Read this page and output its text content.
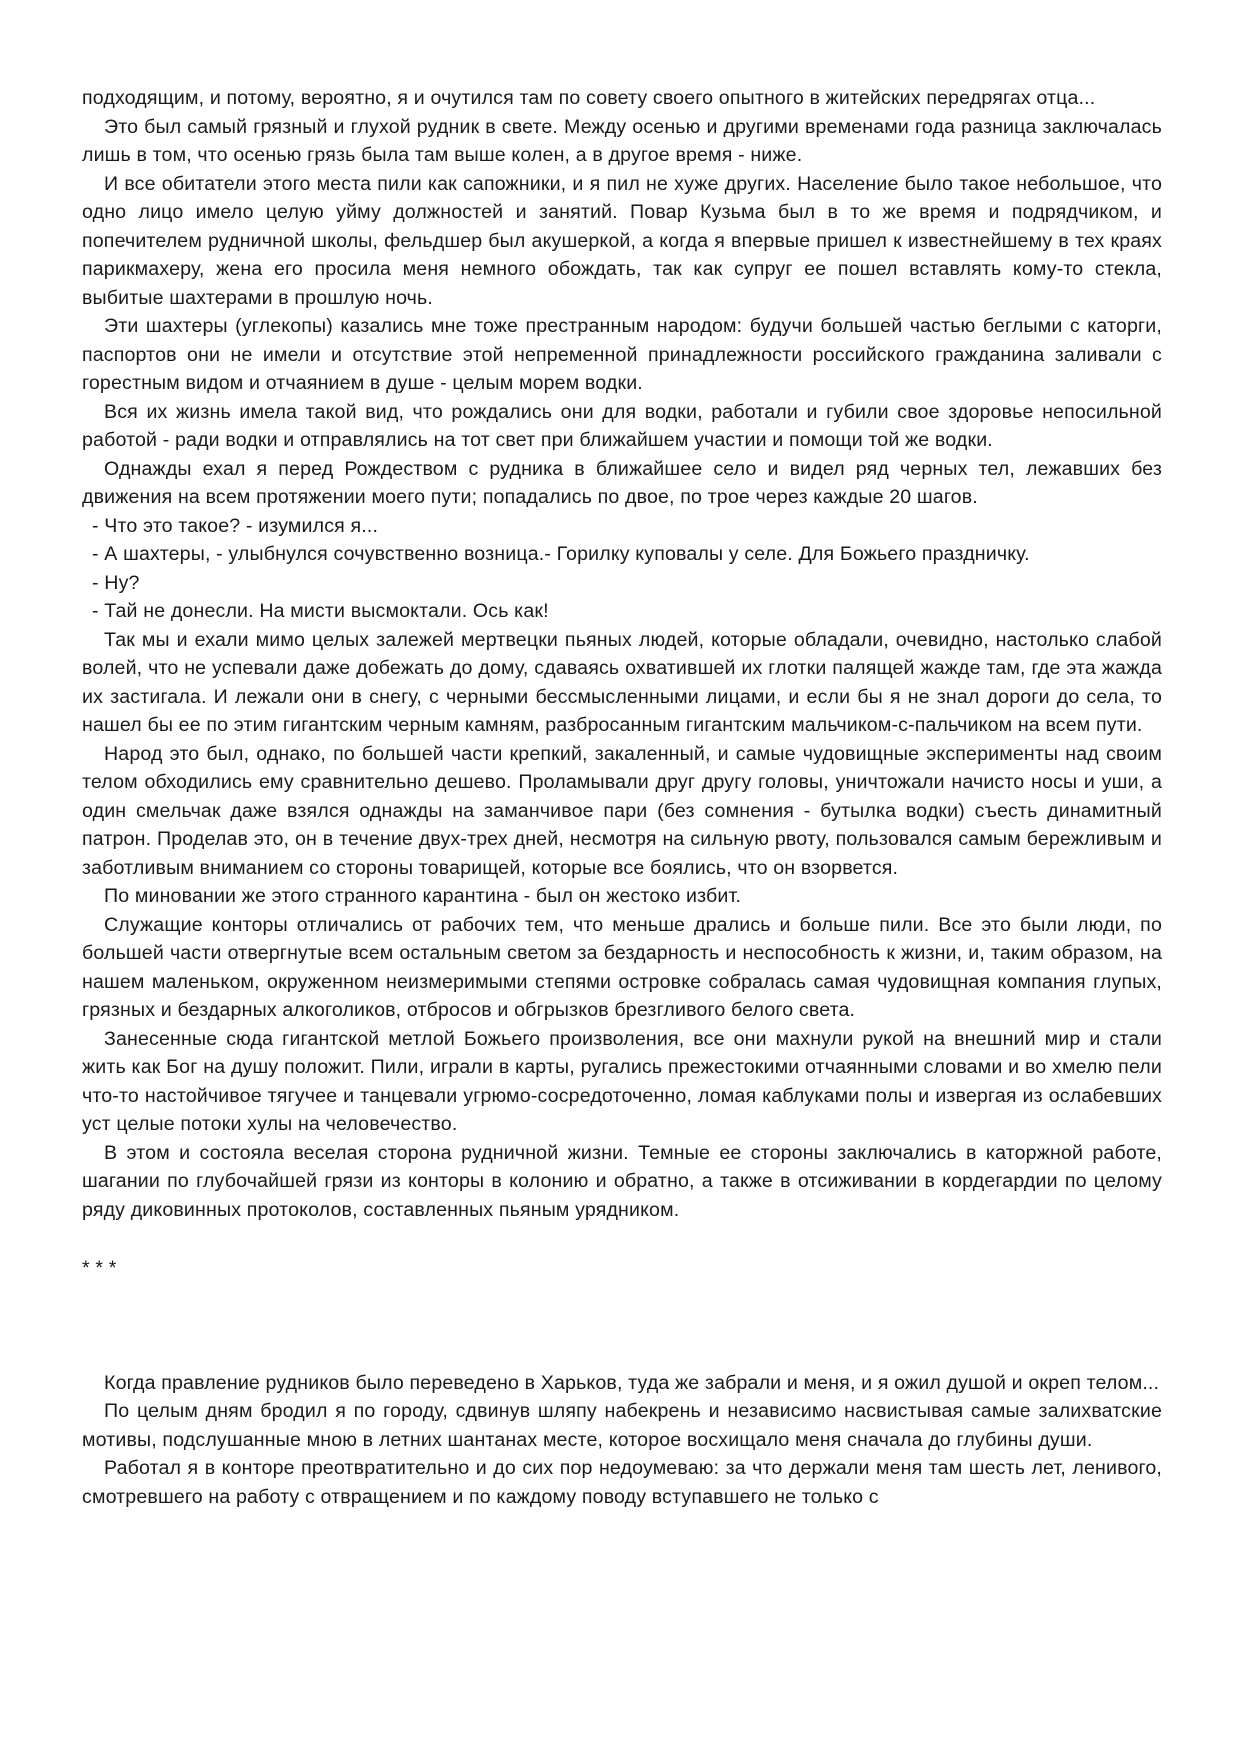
подходящим, и потому, вероятно, я и очутился там по совету своего опытного в житейских передрягах отца...

Это был самый грязный и глухой рудник в свете. Между осенью и другими временами года разница заключалась лишь в том, что осенью грязь была там выше колен, а в другое время - ниже.

И все обитатели этого места пили как сапожники, и я пил не хуже других. Население было такое небольшое, что одно лицо имело целую уйму должностей и занятий. Повар Кузьма был в то же время и подрядчиком, и попечителем рудничной школы, фельдшер был акушеркой, а когда я впервые пришел к известнейшему в тех краях парикмахеру, жена его просила меня немного обождать, так как супруг ее пошел вставлять кому-то стекла, выбитые шахтерами в прошлую ночь.

Эти шахтеры (углекопы) казались мне тоже престранным народом: будучи большей частью беглыми с каторги, паспортов они не имели и отсутствие этой непременной принадлежности российского гражданина заливали с горестным видом и отчаянием в душе - целым морем водки.

Вся их жизнь имела такой вид, что рождались они для водки, работали и губили свое здоровье непосильной работой - ради водки и отправлялись на тот свет при ближайшем участии и помощи той же водки.

Однажды ехал я перед Рождеством с рудника в ближайшее село и видел ряд черных тел, лежавших без движения на всем протяжении моего пути; попадались по двое, по трое через каждые 20 шагов.

- Что это такое? - изумился я...

- А шахтеры, - улыбнулся сочувственно возница.- Горилку куповалы у селе. Для Божьего праздничку.

- Ну?

- Тай не донесли. На мисти высмоктали. Ось как!

Так мы и ехали мимо целых залежей мертвецки пьяных людей, которые обладали, очевидно, настолько слабой волей, что не успевали даже добежать до дому, сдаваясь охватившей их глотки палящей жажде там, где эта жажда их застигала. И лежали они в снегу, с черными бессмысленными лицами, и если бы я не знал дороги до села, то нашел бы ее по этим гигантским черным камням, разбросанным гигантским мальчиком-с-пальчиком на всем пути.

Народ это был, однако, по большей части крепкий, закаленный, и самые чудовищные эксперименты над своим телом обходились ему сравнительно дешево. Проламывали друг другу головы, уничтожали начисто носы и уши, а один смельчак даже взялся однажды на заманчивое пари (без сомнения - бутылка водки) съесть динамитный патрон. Проделав это, он в течение двух-трех дней, несмотря на сильную рвоту, пользовался самым бережливым и заботливым вниманием со стороны товарищей, которые все боялись, что он взорвется.

По миновании же этого странного карантина - был он жестоко избит.

Служащие конторы отличались от рабочих тем, что меньше дрались и больше пили. Все это были люди, по большей части отвергнутые всем остальным светом за бездарность и неспособность к жизни, и, таким образом, на нашем маленьком, окруженном неизмеримыми степями островке собралась самая чудовищная компания глупых, грязных и бездарных алкоголиков, отбросов и обгрызков брезгливого белого света.

Занесенные сюда гигантской метлой Божьего произволения, все они махнули рукой на внешний мир и стали жить как Бог на душу положит. Пили, играли в карты, ругались прежестокими отчаянными словами и во хмелю пели что-то настойчивое тягучее и танцевали угрюмо-сосредоточенно, ломая каблуками полы и извергая из ослабевших уст целые потоки хулы на человечество.

В этом и состояла веселая сторона рудничной жизни. Темные ее стороны заключались в каторжной работе, шагании по глубочайшей грязи из конторы в колонию и обратно, а также в отсиживании в кордегардии по целому ряду диковинных протоколов, составленных пьяным урядником.

* * *

Когда правление рудников было переведено в Харьков, туда же забрали и меня, и я ожил душой и окреп телом...

По целым дням бродил я по городу, сдвинув шляпу набекрень и независимо насвистывая самые залихватские мотивы, подслушанные мною в летних шантанах месте, которое восхищало меня сначала до глубины души.

Работал я в конторе преотвратительно и до сих пор недоумеваю: за что держали меня там шесть лет, ленивого, смотревшего на работу с отвращением и по каждому поводу вступавшего не только с
